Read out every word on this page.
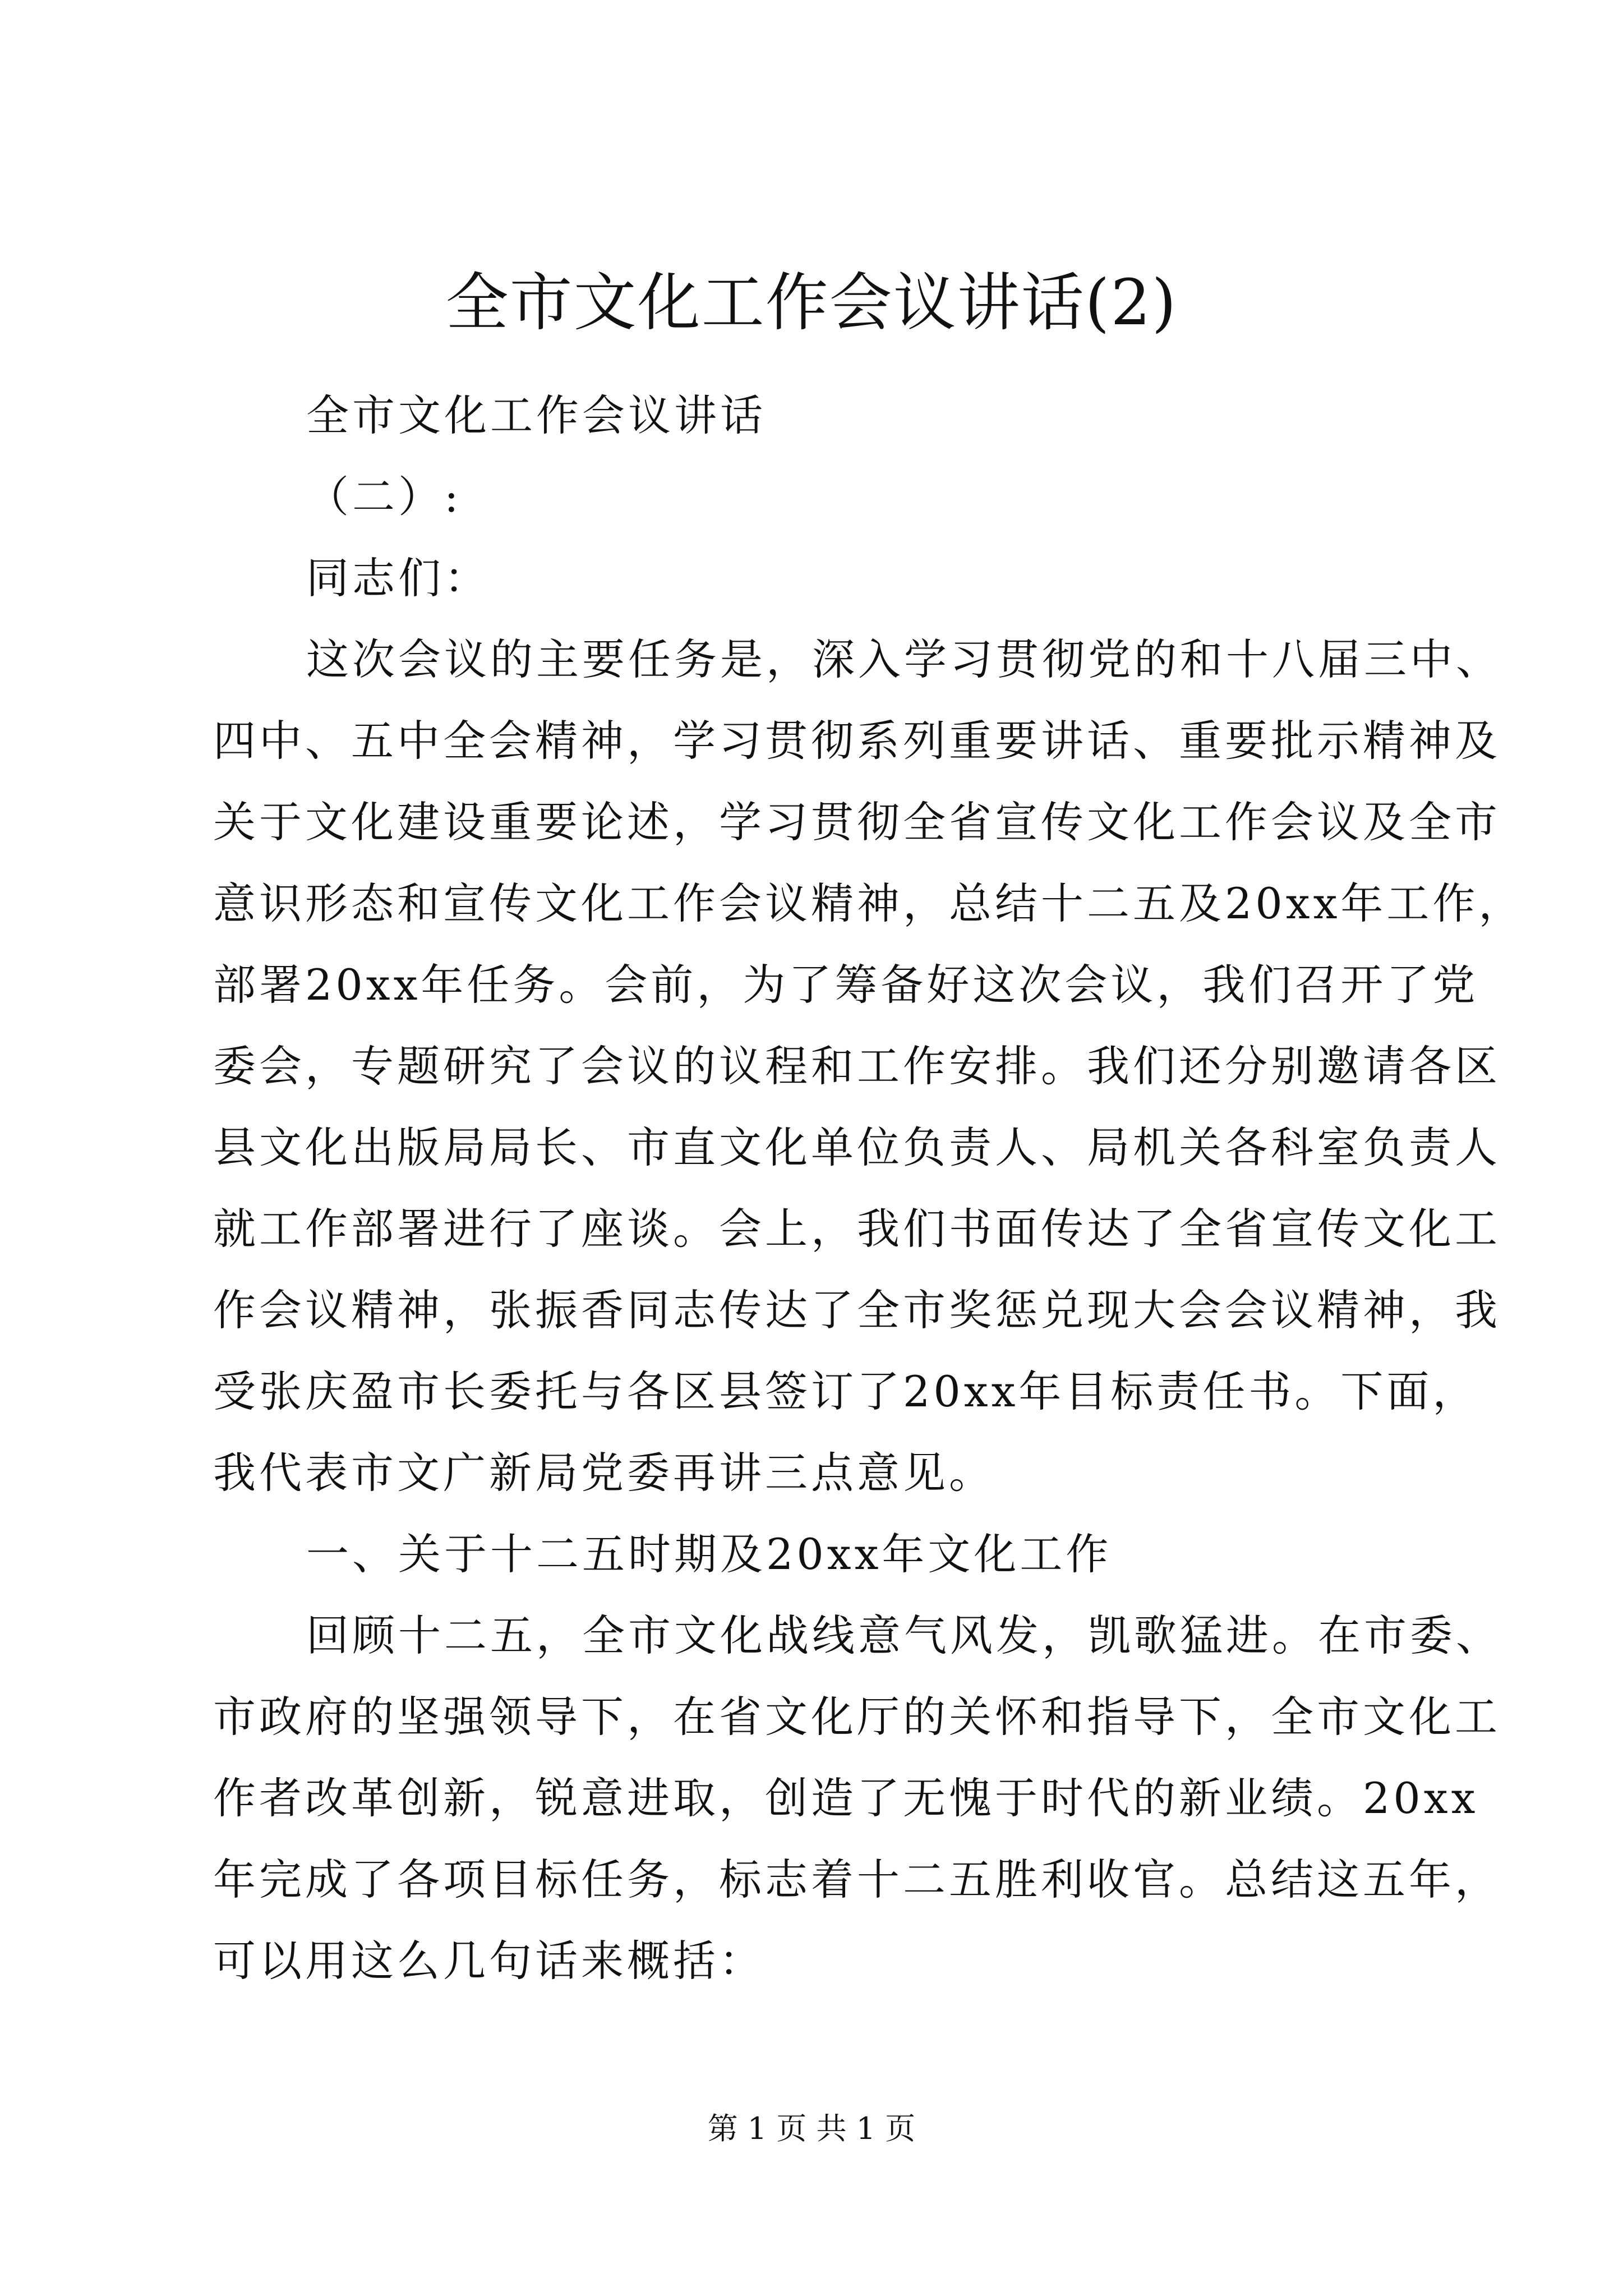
全市文化工作会议讲话(2)
全市文化工作会议讲话
（二）:
同志们：
这次会议的主要任务是，深入学习贯彻党的和十八届三中、
四中、五中全会精神，学习贯彻系列重要讲话、重要批示精神及
关于文化建设重要论述，学习贯彻全省宣传文化工作会议及全市
意识形态和宣传文化工作会议精神，总结十二五及20xx年工作，
部署20xx年任务。会前，为了筹备好这次会议，我们召开了党
委会，专题研究了会议的议程和工作安排。我们还分别邀请各区
县文化出版局局长、市直文化单位负责人、局机关各科室负责人
就工作部署进行了座谈。会上，我们书面传达了全省宣传文化工
作会议精神，张振香同志传达了全市奖惩兑现大会会议精神，我
受张庆盈市长委托与各区县签订了20xx年目标责任书。下面，
我代表市文广新局党委再讲三点意见。
一、关于十二五时期及20xx年文化工作
回顾十二五，全市文化战线意气风发，凯歌猛进。在市委、
市政府的坚强领导下，在省文化厅的关怀和指导下，全市文化工
作者改革创新，锐意进取，创造了无愧于时代的新业绩。20xx
年完成了各项目标任务，标志着十二五胜利收官。总结这五年，
可以用这么几句话来概括：
第 1 页 共 1 页
